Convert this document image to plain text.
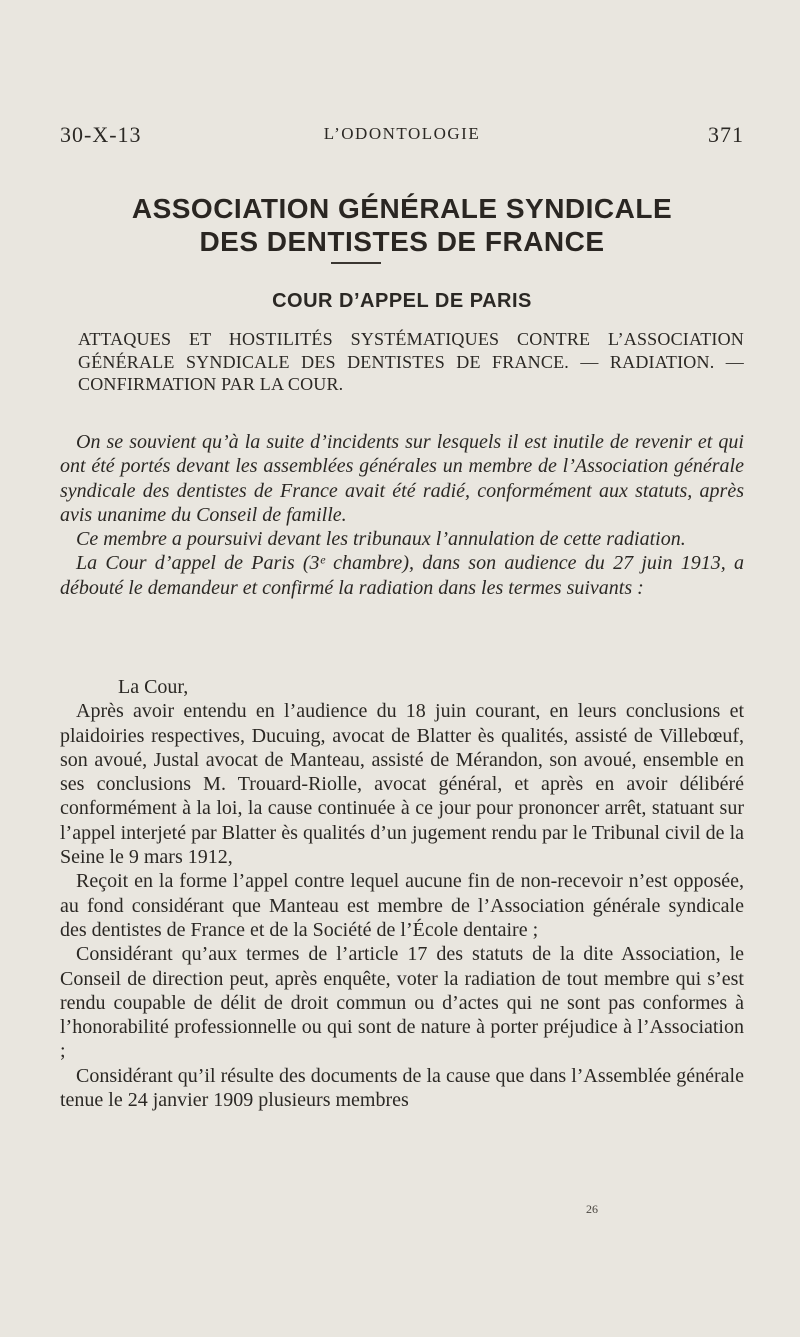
30-X-13	L’ODONTOLOGIE	371
ASSOCIATION GÉNÉRALE SYNDICALE
DES DENTISTES DE FRANCE
COUR D’APPEL DE PARIS
ATTAQUES ET HOSTILITÉS SYSTÉMATIQUES CONTRE L’ASSOCIATION GÉNÉRALE SYNDICALE DES DENTISTES DE FRANCE. — RADIATION. — CONFIRMATION PAR LA COUR.

On se souvient qu’à la suite d’incidents sur lesquels il est inutile de revenir et qui ont été portés devant les assemblées générales un membre de l’Association générale syndicale des dentistes de France avait été radié, conformément aux statuts, après avis unanime du Conseil de famille.

Ce membre a poursuivi devant les tribunaux l’annulation de cette radiation.

La Cour d’appel de Paris (3ᵉ chambre), dans son audience du 27 juin 1913, a débouté le demandeur et confirmé la radiation dans les termes suivants :

La Cour,

Après avoir entendu en l’audience du 18 juin courant, en leurs conclusions et plaidoiries respectives, Ducuing, avocat de Blatter ès qualités, assisté de Villebœuf, son avoué, Justal avocat de Manteau, assisté de Mérandon, son avoué, ensemble en ses conclusions M. Trouard-Riolle, avocat général, et après en avoir délibéré conformément à la loi, la cause continuée à ce jour pour prononcer arrêt, statuant sur l’appel interjeté par Blatter ès qualités d’un jugement rendu par le Tribunal civil de la Seine le 9 mars 1912,

Reçoit en la forme l’appel contre lequel aucune fin de non-recevoir n’est opposée, au fond considérant que Manteau est membre de l’Association générale syndicale des dentistes de France et de la Société de l’École dentaire ;

Considérant qu’aux termes de l’article 17 des statuts de la dite Association, le Conseil de direction peut, après enquête, voter la radiation de tout membre qui s’est rendu coupable de délit de droit commun ou d’actes qui ne sont pas conformes à l’honorabilité professionnelle ou qui sont de nature à porter préjudice à l’Association ;

Considérant qu’il résulte des documents de la cause que dans l’Assemblée générale tenue le 24 janvier 1909 plusieurs membres

26
